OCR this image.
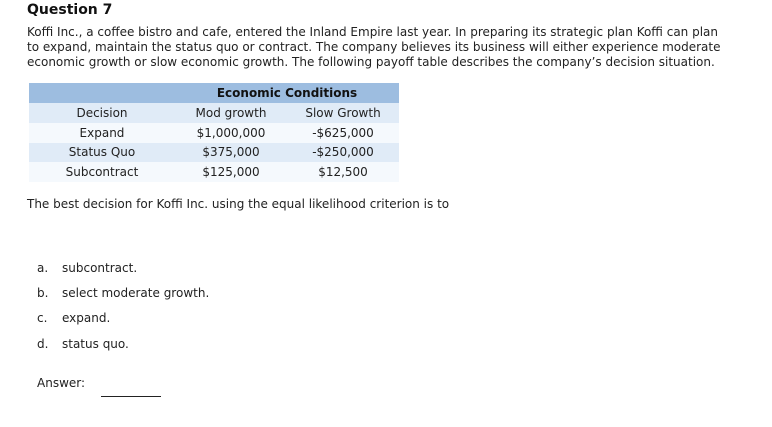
Question 7

Koffi Inc., a coffee bistro and cafe, entered the Inland Empire last year. In preparing its strategic plan Koffi can plan
to expand, maintain the status quo or contract. The company believes its business will either experience moderate
economic growth or slow economic growth. The following payoff table describes the company’s decision situation.

	Economic Conditions	
Decision	Mod growth	Slow Growth
Expand	$1,000,000	-$625,000
Status Quo	$375,000	-$250,000
Subcontract	$125,000	$12,500

The best decision for Koffi Inc. using the equal likelihood criterion is to

a. subcontract.
b. select moderate growth.
c. expand.
d. status quo.
Answer:
